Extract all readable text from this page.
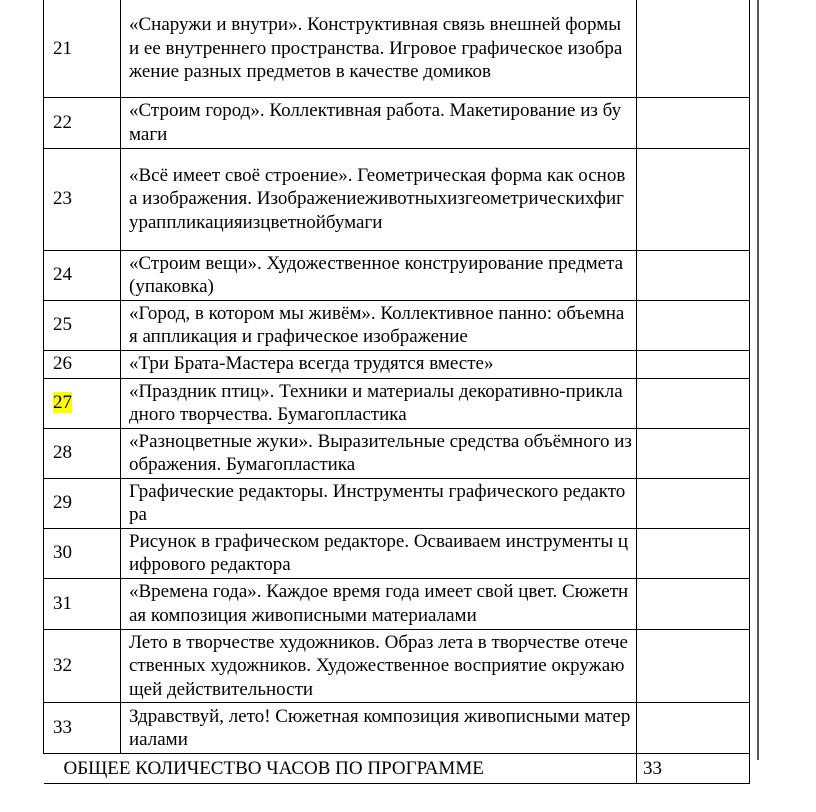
21	«Снаружи и внутри». Конструктивная связь внешней формы и ее внутреннего пространства. Игровое графическое изображение разных предметов в качестве домиков	
22	«Строим город». Коллективная работа. Макетирование из бумаги	
23	«Всё имеет своё строение». Геометрическая форма как основа изображения. Изображениеживотныхизгеометрическихфигураппликацияизцветнойбумаги	
24	«Строим вещи». Художественное конструирование предмета (упаковка)	
25	«Город, в котором мы живём». Коллективное панно: объемная аппликация и графическое изображение	
26	«Три Брата-Мастера всегда трудятся вместе»	
27	«Праздник птиц». Техники и материалы декоративно-прикладного творчества. Бумагопластика	
28	«Разноцветные жуки». Выразительные средства объёмного изображения. Бумагопластика	
29	Графические редакторы. Инструменты графического редактора	
30	Рисунок в графическом редакторе. Осваиваем инструменты цифрового редактора	
31	«Времена года». Каждое время года имеет свой цвет. Сюжетная композиция живописными материалами	
32	Лето в творчестве художников. Образ лета в творчестве отечественных художников. Художественное восприятие окружающей действительности	
33	Здравствуй, лето! Сюжетная композиция живописными материалами	
ОБЩЕЕ КОЛИЧЕСТВО ЧАСОВ ПО ПРОГРАММЕ		33
